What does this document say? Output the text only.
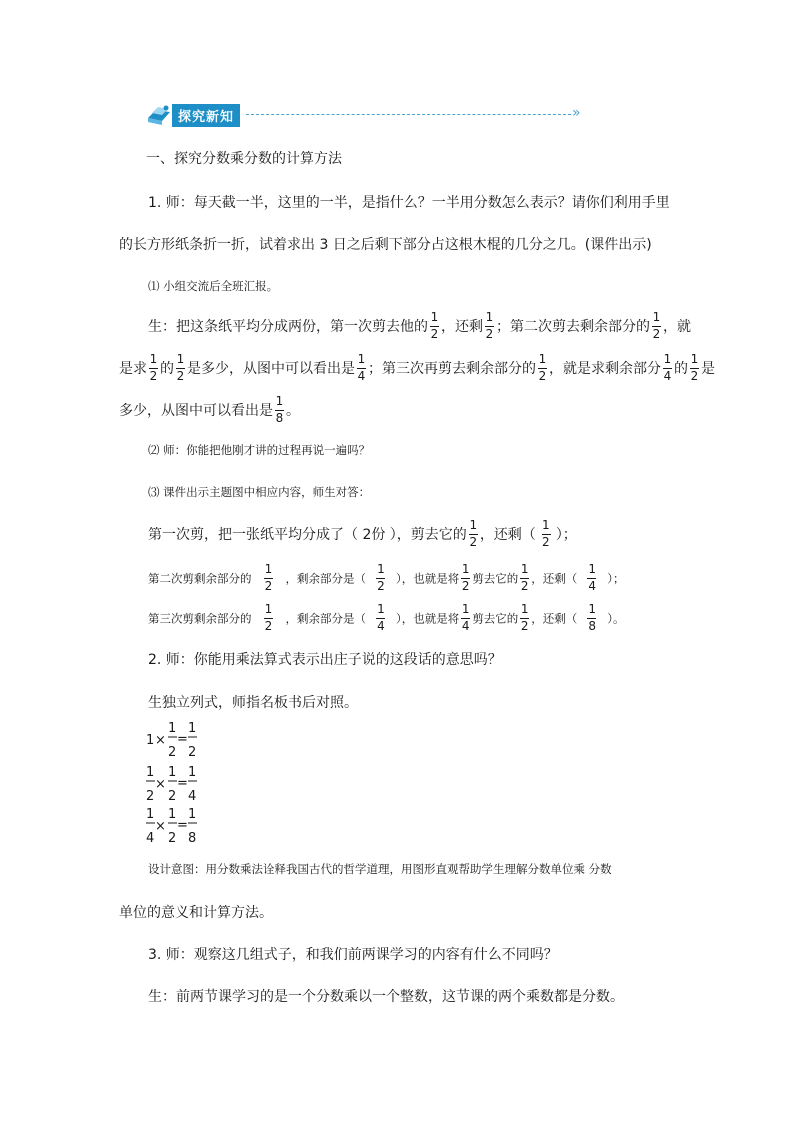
探究新知	»
一、探究分数乘分数的计算方法
1. 师：每天截一半，这里的一半，是指什么？一半用分数怎么表示？请你们利用手里
的长方形纸条折一折，试着求出 3 日之后剩下部分占这根木棍的几分之几。(课件出示)
⑴ 小组交流后全班汇报。
生：把这条纸平均分成两份，第一次剪去他的 $\frac{1}{2}$ ，还剩 $\frac{1}{2}$ ；第二次剪去剩余部分的 $\frac{1}{2}$ ，就
是求 $\frac{1}{2}$ 的 $\frac{1}{2}$ 是多少，从图中可以看出是 $\frac{1}{4}$ ；第三次再剪去剩余部分的 $\frac{1}{2}$ ，就是求剩余部分 $\frac{1}{4}$ 的 $\frac{1}{2}$ 是
多少，从图中可以看出是 $\frac{1}{8}$ 。
⑵ 师：你能把他刚才讲的过程再说一遍吗？
⑶ 课件出示主题图中相应内容，师生对答：
第一次剪，把一张纸平均分成了（ 2份 ），剪去它的 $\frac{1}{2}$ ，还剩（ $\frac{1}{2}$ ）；
第二次剪剩余部分的 $\frac{1}{2}$ ，剩余部分是（ $\frac{1}{2}$ ），也就是将 $\frac{1}{2}$ 剪去它的 $\frac{1}{2}$ ，还剩（ $\frac{1}{4}$ ）；
第三次剪剩余部分的 $\frac{1}{2}$ ，剩余部分是（ $\frac{1}{4}$ ），也就是将 $\frac{1}{4}$ 剪去它的 $\frac{1}{2}$ ，还剩（ $\frac{1}{8}$ ）。
2. 师：你能用乘法算式表示出庄子说的这段话的意思吗？
生独立列式，师指名板书后对照。
1 ×
1
2
=
1
2
1
2
×
1
2
=
1
4
1
4
×
1
2
=
1
8
设计意图：用分数乘法诠释我国古代的哲学道理，用图形直观帮助学生理解分数单位乘 分数
单位的意义和计算方法。
3. 师：观察这几组式子，和我们前两课学习的内容有什么不同吗？
生：前两节课学习的是一个分数乘以一个整数，这节课的两个乘数都是分数。
